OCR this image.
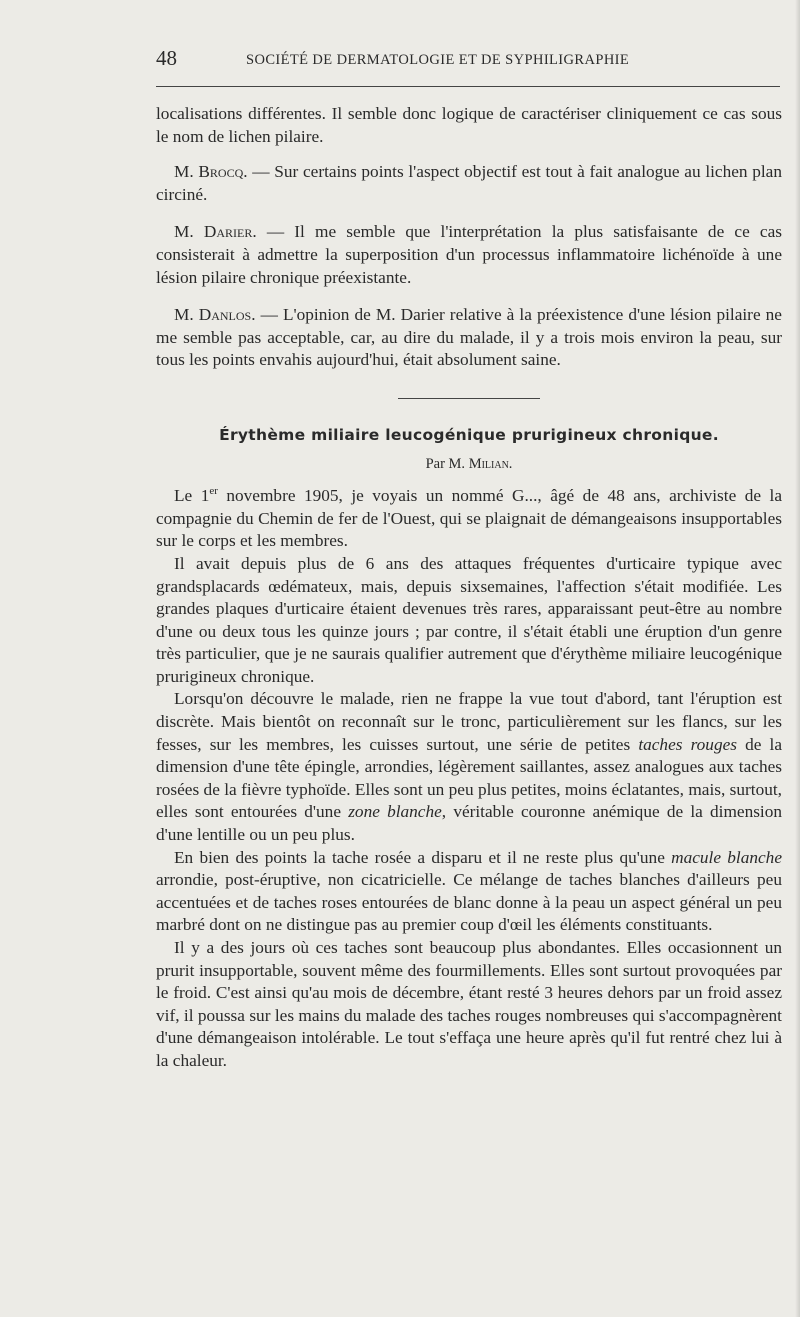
48	SOCIÉTÉ DE DERMATOLOGIE ET DE SYPHILIGRAPHIE

localisations différentes. Il semble donc logique de caractériser cliniquement ce cas sous le nom de lichen pilaire.

M. Brocq. — Sur certains points l'aspect objectif est tout à fait analogue au lichen plan circiné.

M. Darier. — Il me semble que l'interprétation la plus satisfaisante de ce cas consisterait à admettre la superposition d'un processus inflammatoire lichénoïde à une lésion pilaire chronique préexistante.

M. Danlos. — L'opinion de M. Darier relative à la préexistence d'une lésion pilaire ne me semble pas acceptable, car, au dire du malade, il y a trois mois environ la peau, sur tous les points envahis aujourd'hui, était absolument saine.

Érythème miliaire leucogénique prurigineux chronique.

Par M. Milian.

Le 1er novembre 1905, je voyais un nommé G..., âgé de 48 ans, archiviste de la compagnie du Chemin de fer de l'Ouest, qui se plaignait de démangeaisons insupportables sur le corps et les membres.

Il avait depuis plus de 6 ans des attaques fréquentes d'urticaire typique avec grandsplacards œdémateux, mais, depuis sixsemaines, l'affection s'était modifiée. Les grandes plaques d'urticaire étaient devenues très rares, apparaissant peut-être au nombre d'une ou deux tous les quinze jours ; par contre, il s'était établi une éruption d'un genre très particulier, que je ne saurais qualifier autrement que d'érythème miliaire leucogénique prurigineux chronique.

Lorsqu'on découvre le malade, rien ne frappe la vue tout d'abord, tant l'éruption est discrète. Mais bientôt on reconnaît sur le tronc, particulièrement sur les flancs, sur les fesses, sur les membres, les cuisses surtout, une série de petites taches rouges de la dimension d'une tête épingle, arrondies, légèrement saillantes, assez analogues aux taches rosées de la fièvre typhoïde. Elles sont un peu plus petites, moins éclatantes, mais, surtout, elles sont entourées d'une zone blanche, véritable couronne anémique de la dimension d'une lentille ou un peu plus.

En bien des points la tache rosée a disparu et il ne reste plus qu'une macule blanche arrondie, post-éruptive, non cicatricielle. Ce mélange de taches blanches d'ailleurs peu accentuées et de taches roses entourées de blanc donne à la peau un aspect général un peu marbré dont on ne distingue pas au premier coup d'œil les éléments constituants.

Il y a des jours où ces taches sont beaucoup plus abondantes. Elles occasionnent un prurit insupportable, souvent même des fourmillements. Elles sont surtout provoquées par le froid. C'est ainsi qu'au mois de décembre, étant resté 3 heures dehors par un froid assez vif, il poussa sur les mains du malade des taches rouges nombreuses qui s'accompagnèrent d'une démangeaison intolérable. Le tout s'effaça une heure après qu'il fut rentré chez lui à la chaleur.
